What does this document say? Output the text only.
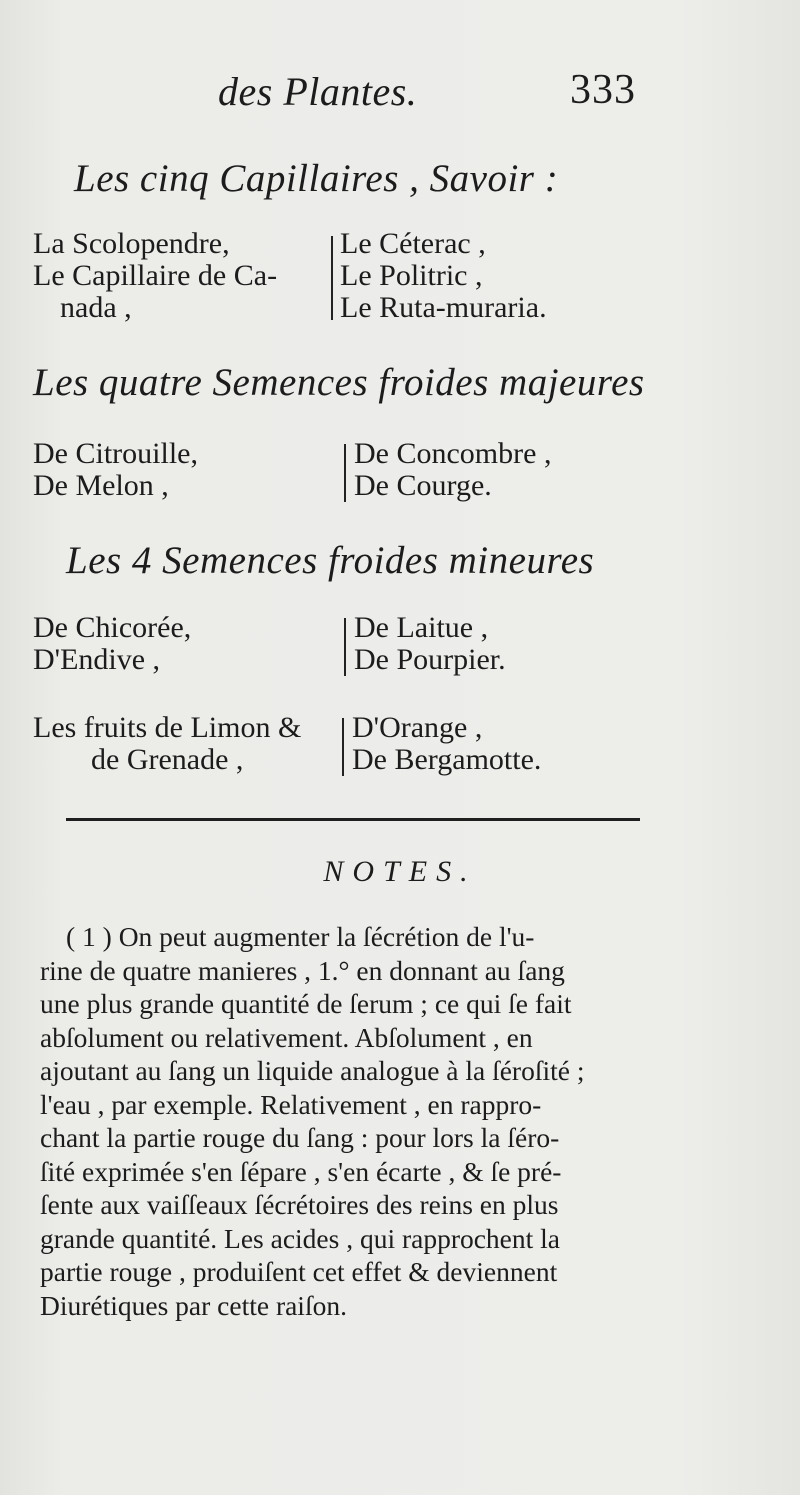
des Plantes.	333
Les cinq Capillaires , Savoir :
La Scolopendre,
Le Capillaire de Ca-
nada ,
Le Céterac ,
Le Politric ,
Le Ruta-muraria.
Les quatre Semences froides majeures
De Citrouille,
De Melon ,
De Concombre ,
De Courge.
Les 4 Semences froides mineures
De Chicorée,
D'Endive ,
De Laitue ,
De Pourpier.
Les fruits de Limon &
de Grenade ,
D'Orange ,
De Bergamotte.
NOTES.
( 1 ) On peut augmenter la ſécrétion de l'u-
rine de quatre manieres , 1.° en donnant au ſang
une plus grande quantité de ſerum ; ce qui ſe fait
abſolument ou relativement. Abſolument , en
ajoutant au ſang un liquide analogue à la ſéroſité ;
l'eau , par exemple. Relativement , en rappro-
chant la partie rouge du ſang : pour lors la ſéro-
ſité exprimée s'en ſépare , s'en écarte , & ſe pré-
ſente aux vaiſſeaux ſécrétoires des reins en plus
grande quantité. Les acides , qui rapprochent la
partie rouge , produiſent cet effet & deviennent
Diurétiques par cette raiſon.
